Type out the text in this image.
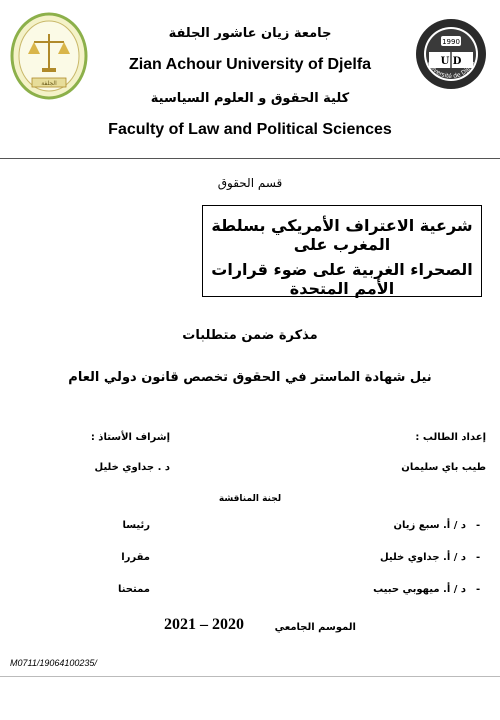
1990
U D
Université de Djelfa
الجلفة
جامعة زيان عاشور الجلفة
Zian Achour University of Djelfa
كلية الحقوق و العلوم السياسية
Faculty of Law and Political Sciences
قسم الحقوق
شرعية الاعتراف الأمريكي بسلطة المغرب على
الصحراء الغربية على ضوء قرارات الأمم المتحدة
مذكرة ضمن متطلبات
نيل شهادة الماستر في الحقوق تخصص قانون دولي العام
إعداد الطالب :
إشراف الأستاذ :
طيب باي سليمان
د . جداوي خليل
لجنة المناقشة
-
د / أ. سبع زيان
رئيسا
-
د / أ. جداوي خليل
مقررا
-
د / أ. ميهوبي حبيب
ممتحنا
الموسم الجامعي
2021 – 2020
M0711/19064100235/
